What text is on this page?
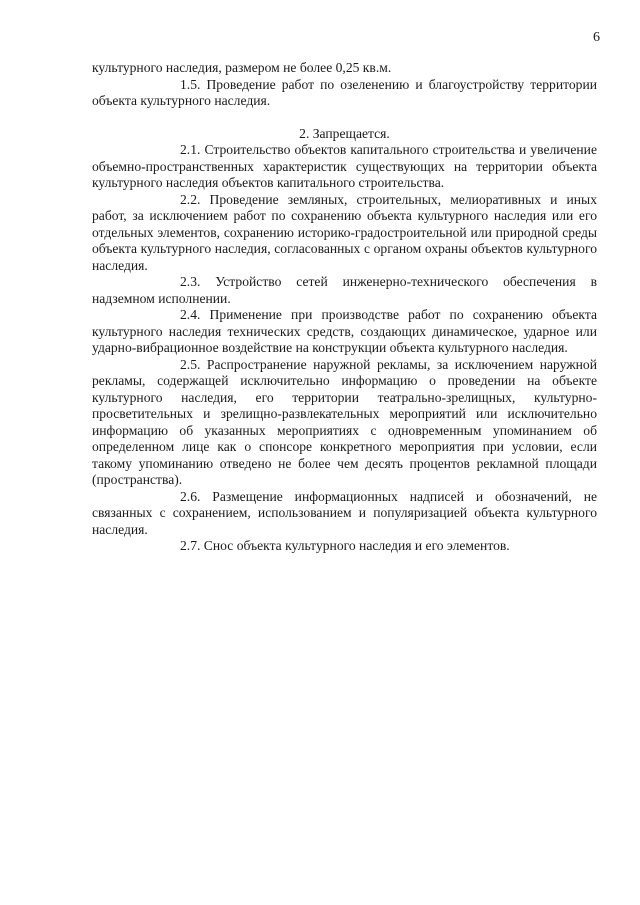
6

культурного наследия, размером не более 0,25 кв.м.

1.5. Проведение работ по озеленению и благоустройству территории объекта культурного наследия.

2. Запрещается.

2.1. Строительство объектов капитального строительства и увеличение объемно-пространственных характеристик существующих на территории объекта культурного наследия объектов капитального строительства.

2.2. Проведение земляных, строительных, мелиоративных и иных работ, за исключением работ по сохранению объекта культурного наследия или его отдельных элементов, сохранению историко-градостроительной или природной среды объекта культурного наследия, согласованных с органом охраны объектов культурного наследия.

2.3. Устройство сетей инженерно-технического обеспечения в надземном исполнении.

2.4. Применение при производстве работ по сохранению объекта культурного наследия технических средств, создающих динамическое, ударное или ударно-вибрационное воздействие на конструкции объекта культурного наследия.

2.5. Распространение наружной рекламы, за исключением наружной рекламы, содержащей исключительно информацию о проведении на объекте культурного наследия, его территории театрально-зрелищных, культурно-просветительных и зрелищно-развлекательных мероприятий или исключительно информацию об указанных мероприятиях с одновременным упоминанием об определенном лице как о спонсоре конкретного мероприятия при условии, если такому упоминанию отведено не более чем десять процентов рекламной площади (пространства).

2.6. Размещение информационных надписей и обозначений, не связанных с сохранением, использованием и популяризацией объекта культурного наследия.

2.7. Снос объекта культурного наследия и его элементов.
